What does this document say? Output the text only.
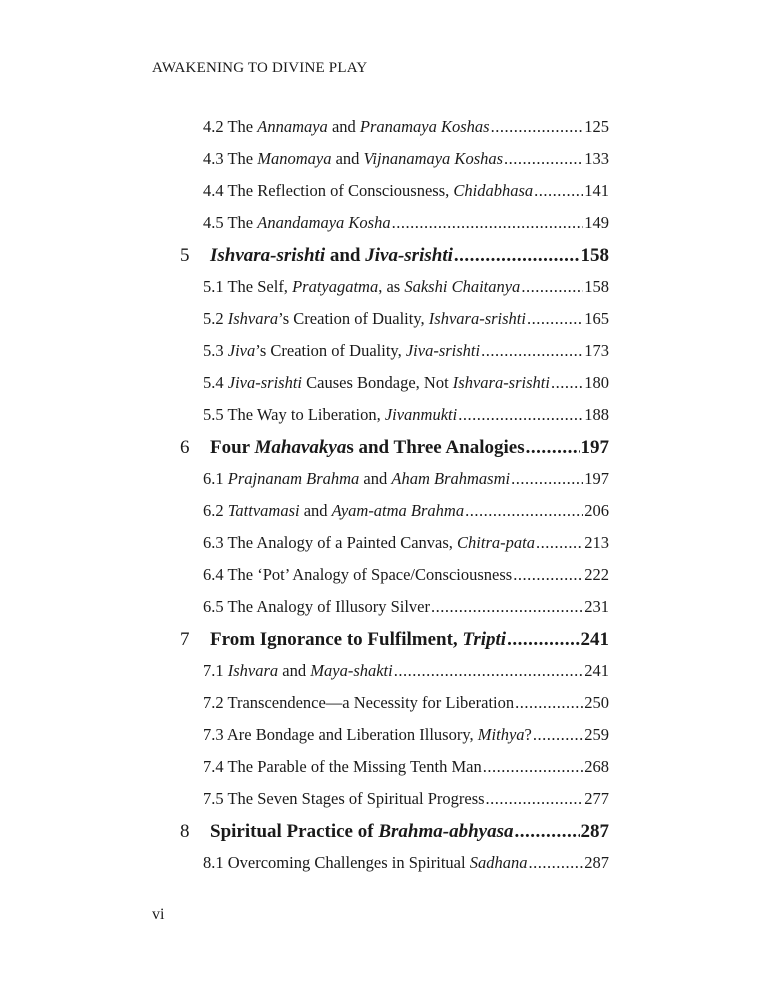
AWAKENING TO DIVINE PLAY
4.2 The Annamaya and Pranamaya Koshas .....	125
4.3 The Manomaya and Vijnanamaya Koshas .....	133
4.4 The Reflection of Consciousness, Chidabhasa .....	141
4.5 The Anandamaya Kosha .....	149
5	Ishvara-srishti and Jiva-srishti .....	158
5.1 The Self, Pratyagatma, as Sakshi Chaitanya .....	158
5.2 Ishvara’s Creation of Duality, Ishvara-srishti .....	165
5.3 Jiva’s Creation of Duality, Jiva-srishti .....	173
5.4 Jiva-srishti Causes Bondage, Not Ishvara-srishti ..... 180
5.5 The Way to Liberation, Jivanmukti .....	188
6	Four Mahavakyas and Three Analogies .....	197
6.1 Prajnanam Brahma and Aham Brahmasmi .....	197
6.2 Tattvamasi and Ayam-atma Brahma .....	206
6.3 The Analogy of a Painted Canvas, Chitra-pata .....	213
6.4 The ‘Pot’ Analogy of Space/Consciousness .....	222
6.5 The Analogy of Illusory Silver .....	231
7	From Ignorance to Fulfilment, Tripti .....	241
7.1 Ishvara and Maya-shakti .....	241
7.2 Transcendence—a Necessity for Liberation .....	250
7.3 Are Bondage and Liberation Illusory, Mithya? .....	259
7.4 The Parable of the Missing Tenth Man .....	268
7.5 The Seven Stages of Spiritual Progress .....	277
8	Spiritual Practice of Brahma-abhyasa .....	287
8.1 Overcoming Challenges in Spiritual Sadhana .....	287
vi
